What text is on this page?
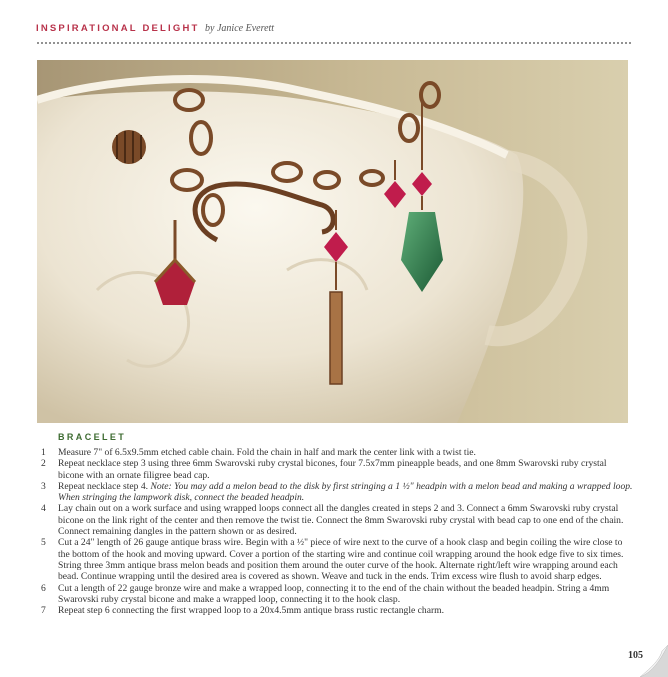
INSPIRATIONAL DELIGHT by Janice Everett
BRACELET
1 Measure 7" of 6.5x9.5mm etched cable chain. Fold the chain in half and mark the center link with a twist tie.
2 Repeat necklace step 3 using three 6mm Swarovski ruby crystal bicones, four 7.5x7mm pineapple beads, and one 8mm Swarovski ruby crystal bicone with an ornate filigree bead cap.
3 Repeat necklace step 4. Note: You may add a melon bead to the disk by first stringing a 1 ½" headpin with a melon bead and making a wrapped loop. When stringing the lampwork disk, connect the beaded headpin.
4 Lay chain out on a work surface and using wrapped loops connect all the dangles created in steps 2 and 3. Connect a 6mm Swarovski ruby crystal bicone on the link right of the center and then remove the twist tie. Connect the 8mm Swarovski ruby crystal with bead cap to one end of the chain. Connect remaining dangles in the pattern shown or as desired.
5 Cut a 24" length of 26 gauge antique brass wire. Begin with a ½" piece of wire next to the curve of a hook clasp and begin coiling the wire close to the bottom of the hook and moving upward. Cover a portion of the starting wire and continue coil wrapping around the hook edge five to six times. String three 3mm antique brass melon beads and position them around the outer curve of the hook. Alternate right/left wire wrapping around each bead. Continue wrapping until the desired area is covered as shown. Weave and tuck in the ends. Trim excess wire flush to avoid sharp edges.
6 Cut a length of 22 gauge bronze wire and make a wrapped loop, connecting it to the end of the chain without the beaded headpin. String a 4mm Swarovski ruby crystal bicone and make a wrapped loop, connecting it to the hook clasp.
7 Repeat step 6 connecting the first wrapped loop to a 20x4.5mm antique brass rustic rectangle charm.
105
